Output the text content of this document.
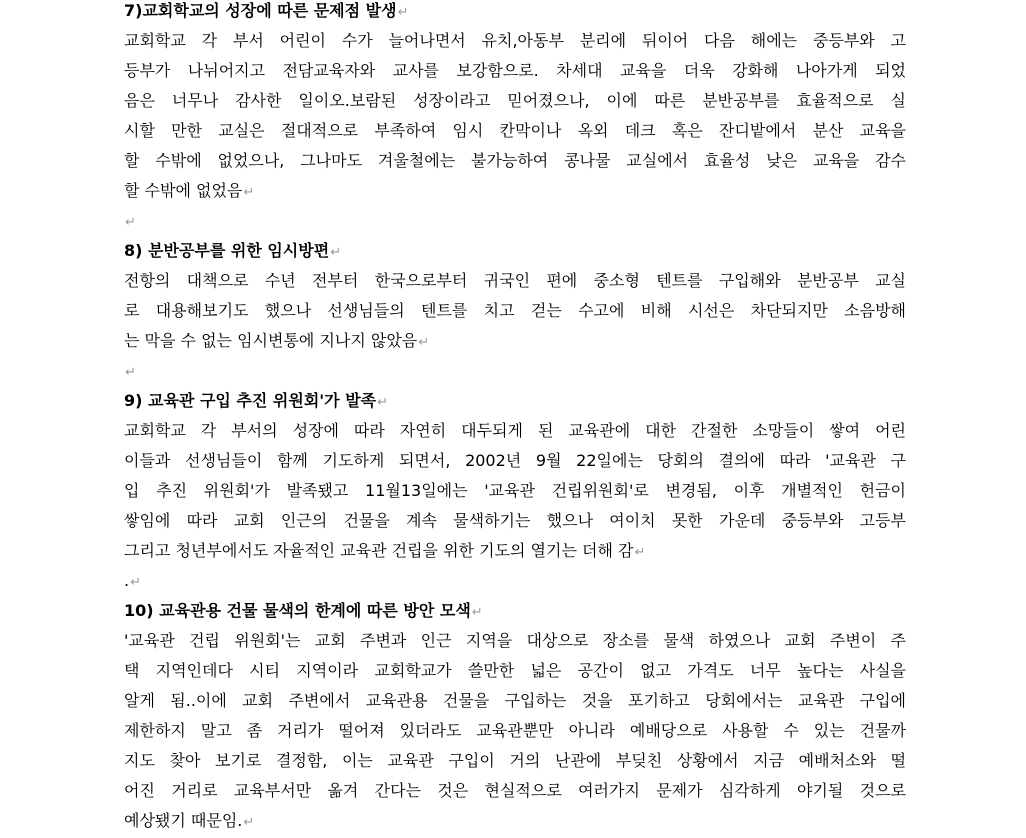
7)교회학교의 성장에 따른 문제점 발생↵
교회학교 각 부서 어린이 수가 늘어나면서 유치,아동부 분리에 뒤이어 다음 해에는 중등부와 고
등부가 나뉘어지고 전담교육자와 교사를 보강함으로. 차세대 교육을 더욱 강화해 나아가게 되었
음은 너무나 감사한 일이오.보람된 성장이라고 믿어졌으나, 이에 따른 분반공부를 효율적으로 실
시할 만한 교실은 절대적으로 부족하여 임시 칸막이나 옥외 데크 혹은 잔디밭에서 분산 교육을
할 수밖에 없었으나, 그나마도 겨울철에는 불가능하여 콩나물 교실에서 효율성 낮은 교육을 감수
할 수밖에 없었음↵
↵
8) 분반공부를 위한 임시방편↵
전항의 대책으로 수년 전부터 한국으로부터 귀국인 편에 중소형 텐트를 구입해와 분반공부 교실
로 대용해보기도 했으나 선생님들의 텐트를 치고 걷는 수고에 비해 시선은 차단되지만 소음방해
는 막을 수 없는 임시변통에 지나지 않았음↵
↵
9) 교육관 구입 추진 위원회'가 발족↵
교회학교 각 부서의 성장에 따라 자연히 대두되게 된 교육관에 대한 간절한 소망들이 쌓여 어린
이들과 선생님들이 함께 기도하게 되면서, 2002년 9월 22일에는 당회의 결의에 따라 '교육관 구
입 추진 위원회'가 발족됐고 11월13일에는 '교육관 건립위원회'로 변경됨, 이후 개별적인 헌금이
쌓임에 따라 교회 인근의 건물을 계속 물색하기는 했으나 여이치 못한 가운데 중등부와 고등부
그리고 청년부에서도 자율적인 교육관 건립을 위한 기도의 열기는 더해 감↵
.↵
10) 교육관용 건물 물색의 한계에 따른 방안 모색↵
'교육관 건립 위원회'는 교회 주변과 인근 지역을 대상으로 장소를 물색 하였으나 교회 주변이 주
택 지역인데다 시티 지역이라 교회학교가 쓸만한 넓은 공간이 없고 가격도 너무 높다는 사실을
알게 됨..이에 교회 주변에서 교육관용 건물을 구입하는 것을 포기하고 당회에서는 교육관 구입에
제한하지 말고 좀 거리가 떨어져 있더라도 교육관뿐만 아니라 예배당으로 사용할 수 있는 건물까
지도 찾아 보기로 결정함, 이는 교육관 구입이 거의 난관에 부딪친 상황에서 지금 예배처소와 떨
어진 거리로 교육부서만 옮겨 간다는 것은 현실적으로 여러가지 문제가 심각하게 야기될 것으로
예상됐기 때문임.↵
